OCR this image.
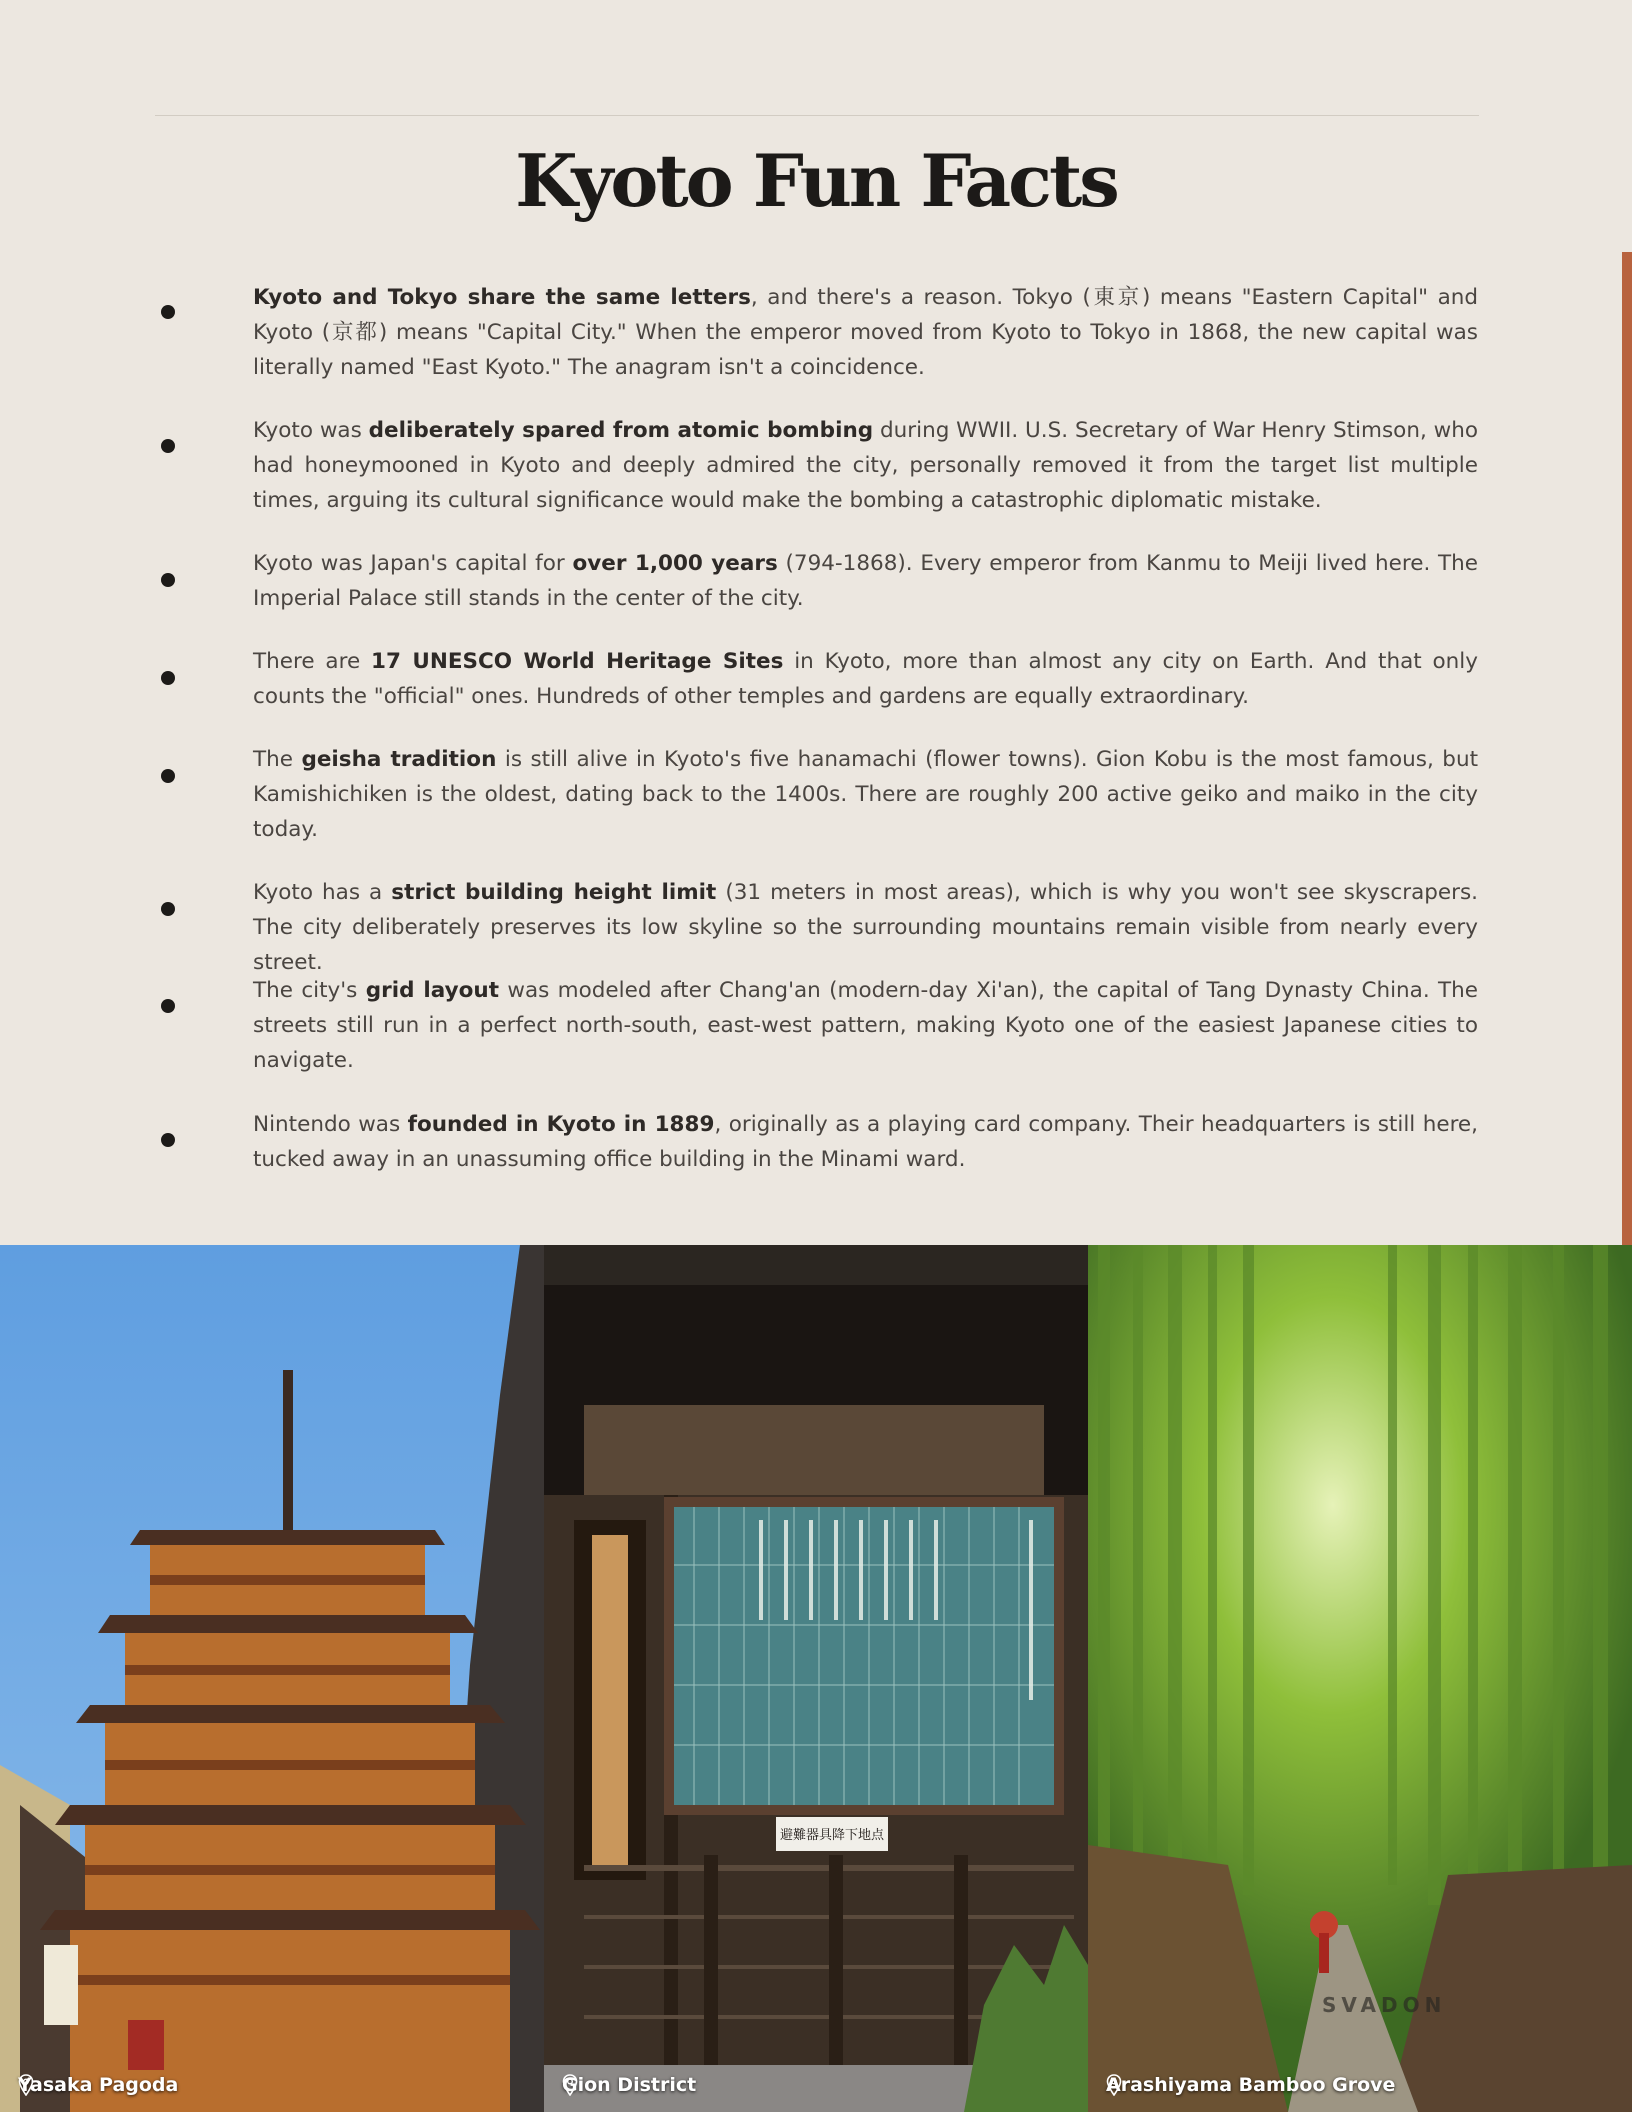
Kyoto Fun Facts

Kyoto and Tokyo share the same letters, and there's a reason. Tokyo (東京) means "Eastern Capital" and Kyoto (京都) means "Capital City." When the emperor moved from Kyoto to Tokyo in 1868, the new capital was literally named "East Kyoto." The anagram isn't a coincidence.

Kyoto was deliberately spared from atomic bombing during WWII. U.S. Secretary of War Henry Stimson, who had honeymooned in Kyoto and deeply admired the city, personally removed it from the target list multiple times, arguing its cultural significance would make the bombing a catastrophic diplomatic mistake.

Kyoto was Japan's capital for over 1,000 years (794-1868). Every emperor from Kanmu to Meiji lived here. The Imperial Palace still stands in the center of the city.

There are 17 UNESCO World Heritage Sites in Kyoto, more than almost any city on Earth. And that only counts the "official" ones. Hundreds of other temples and gardens are equally extraordinary.

The geisha tradition is still alive in Kyoto's five hanamachi (flower towns). Gion Kobu is the most famous, but Kamishichiken is the oldest, dating back to the 1400s. There are roughly 200 active geiko and maiko in the city today.

Kyoto has a strict building height limit (31 meters in most areas), which is why you won't see skyscrapers. The city deliberately preserves its low skyline so the surrounding mountains remain visible from nearly every street.

The city's grid layout was modeled after Chang'an (modern-day Xi'an), the capital of Tang Dynasty China. The streets still run in a perfect north-south, east-west pattern, making Kyoto one of the easiest Japanese cities to navigate.

Nintendo was founded in Kyoto in 1889, originally as a playing card company. Their headquarters is still here, tucked away in an unassuming office building in the Minami ward.

Yasaka Pagoda
避難器具降下地点
Gion District	Arashiyama Bamboo Grove
SVADON
